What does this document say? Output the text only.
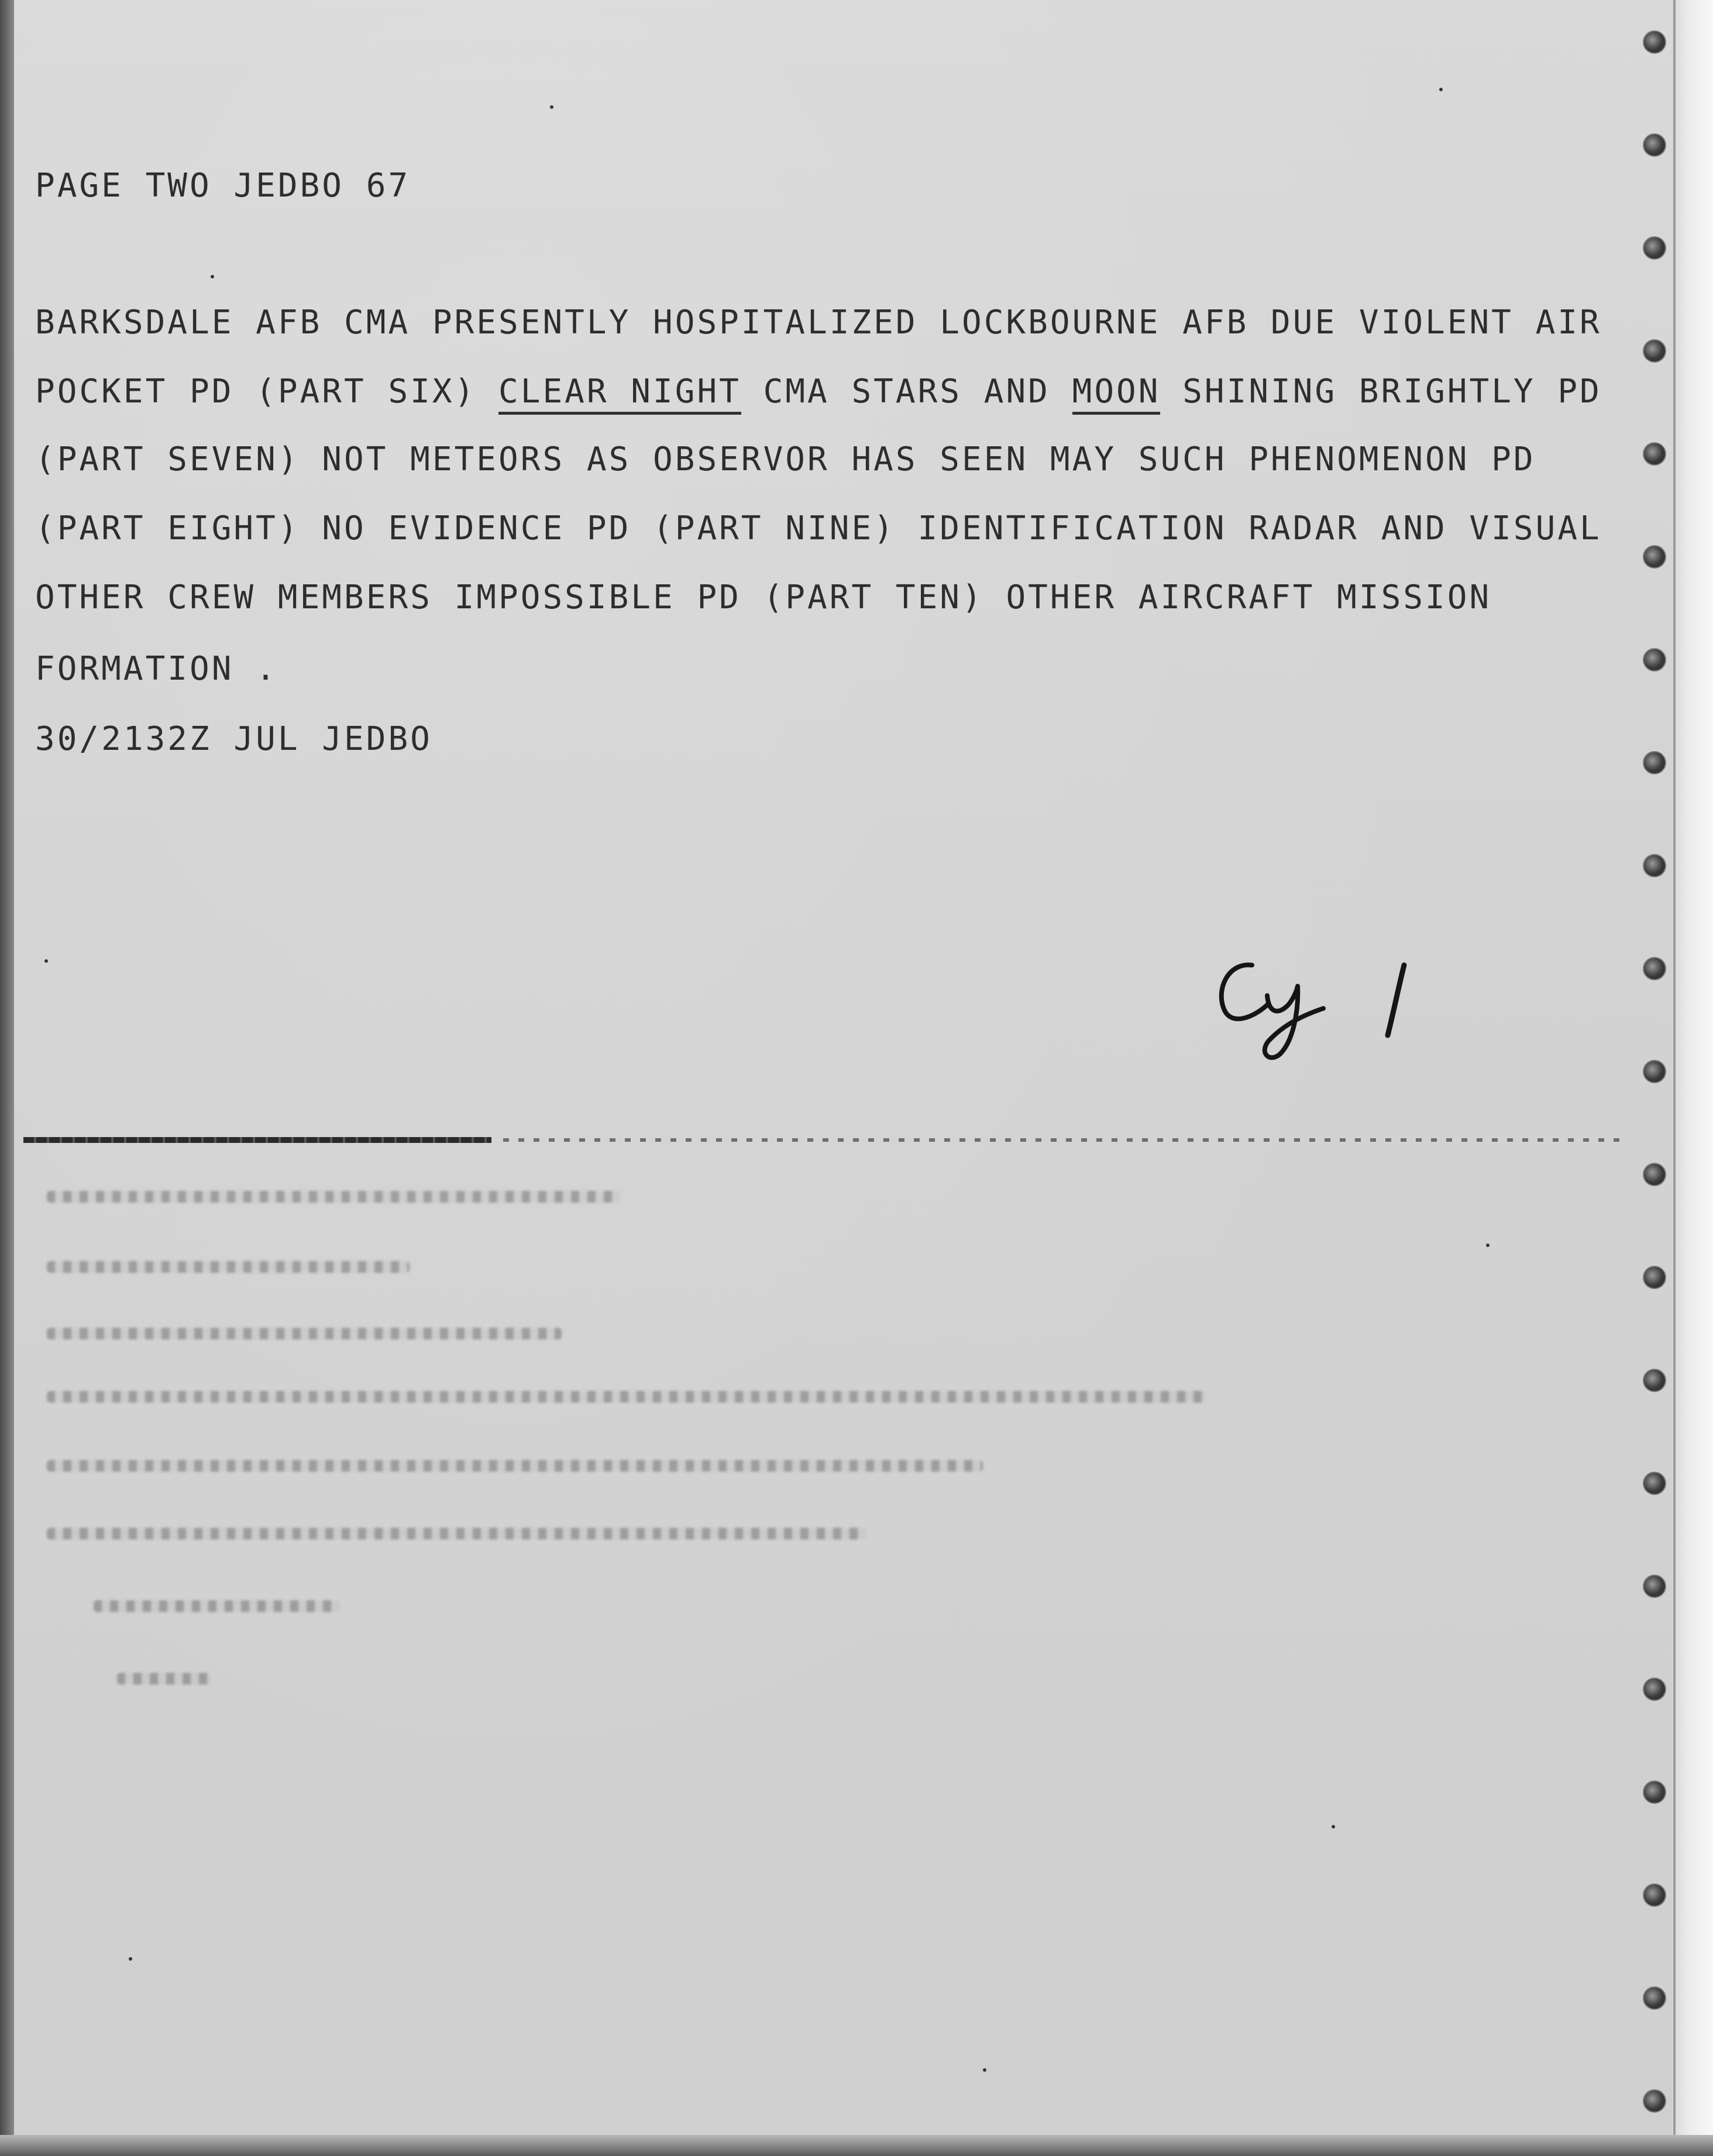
PAGE TWO JEDBO 67
BARKSDALE AFB CMA PRESENTLY HOSPITALIZED LOCKBOURNE AFB DUE VIOLENT AIR
POCKET PD (PART SIX) CLEAR NIGHT CMA STARS AND MOON SHINING BRIGHTLY PD
(PART SEVEN) NOT METEORS AS OBSERVOR HAS SEEN MAY SUCH PHENOMENON PD
(PART EIGHT) NO EVIDENCE PD (PART NINE) IDENTIFICATION RADAR AND VISUAL
OTHER CREW MEMBERS IMPOSSIBLE PD (PART TEN) OTHER AIRCRAFT MISSION
FORMATION .
30/2132Z JUL JEDBO
